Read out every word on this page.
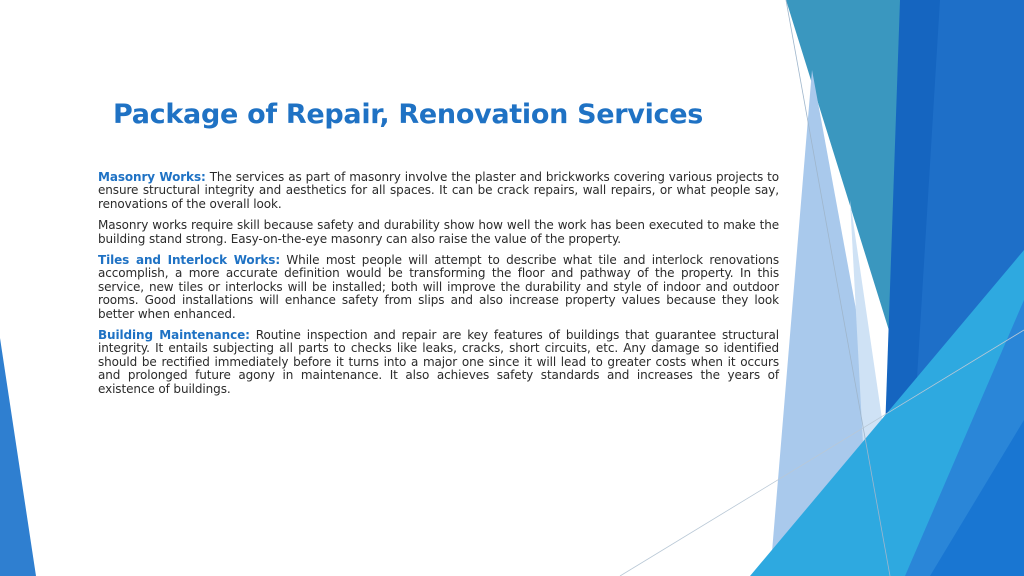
Package of Repair, Renovation Services

Masonry Works: The services as part of masonry involve the plaster and brickworks covering various projects to ensure structural integrity and aesthetics for all spaces. It can be crack repairs, wall repairs, or what people say, renovations of the overall look.

Masonry works require skill because safety and durability show how well the work has been executed to make the building stand strong. Easy-on-the-eye masonry can also raise the value of the property.

Tiles and Interlock Works: While most people will attempt to describe what tile and interlock renovations accomplish, a more accurate definition would be transforming the floor and pathway of the property. In this service, new tiles or interlocks will be installed; both will improve the durability and style of indoor and outdoor rooms. Good installations will enhance safety from slips and also increase property values because they look better when enhanced.

Building Maintenance: Routine inspection and repair are key features of buildings that guarantee structural integrity. It entails subjecting all parts to checks like leaks, cracks, short circuits, etc. Any damage so identified should be rectified immediately before it turns into a major one since it will lead to greater costs when it occurs and prolonged future agony in maintenance. It also achieves safety standards and increases the years of existence of buildings.
